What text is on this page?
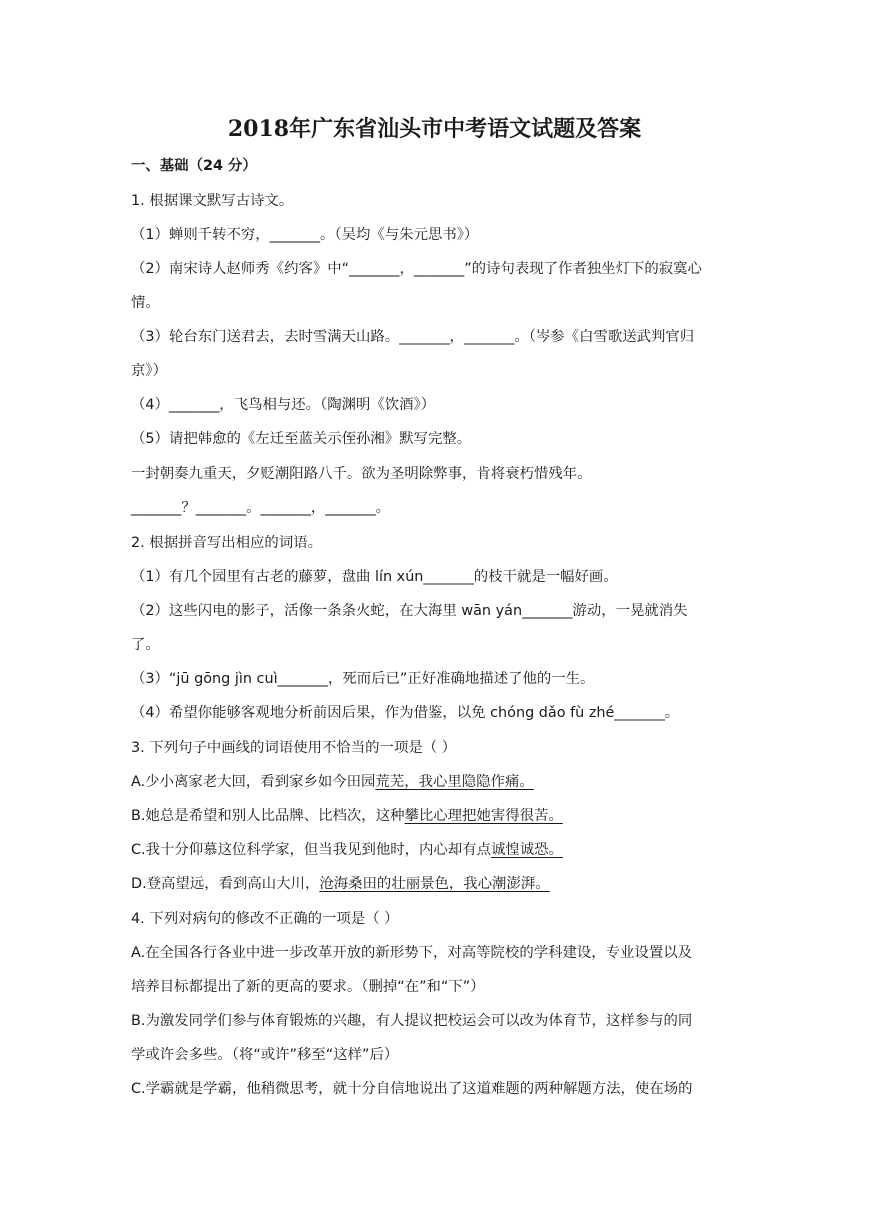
2018年广东省汕头市中考语文试题及答案

一、基础（24 分）

1. 根据课文默写古诗文。

（1）蝉则千转不穷，_______。（吴均《与朱元思书》）

（2）南宋诗人赵师秀《约客》中“_______，_______”的诗句表现了作者独坐灯下的寂寞心

情。

（3）轮台东门送君去，去时雪满天山路。_______，_______。（岑参《白雪歌送武判官归

京》）

（4）_______，飞鸟相与还。（陶渊明《饮酒》）

（5）请把韩愈的《左迁至蓝关示侄孙湘》默写完整。

一封朝奏九重天，夕贬潮阳路八千。欲为圣明除弊事，肯将衰朽惜残年。

_______？_______。_______，_______。

2. 根据拼音写出相应的词语。

（1）有几个园里有古老的藤萝，盘曲 lín xún_______的枝干就是一幅好画。

（2）这些闪电的影子，活像一条条火蛇，在大海里 wān yán_______游动，一晃就消失

了。

（3）“jū gōng jìn cuì_______，死而后已”正好准确地描述了他的一生。

（4）希望你能够客观地分析前因后果，作为借鉴，以免 chóng dǎo fù zhé_______。

3. 下列句子中画线的词语使用不恰当的一项是（ ）

A.少小离家老大回，看到家乡如今田园荒芜，我心里隐隐作痛。

B.她总是希望和别人比品牌、比档次，这种攀比心理把她害得很苦。

C.我十分仰慕这位科学家，但当我见到他时，内心却有点诚惶诚恐。

D.登高望远，看到高山大川，沧海桑田的壮丽景色，我心潮澎湃。

4. 下列对病句的修改不正确的一项是（ ）

A.在全国各行各业中进一步改革开放的新形势下，对高等院校的学科建设，专业设置以及

培养目标都提出了新的更高的要求。（删掉“在”和“下”）

B.为激发同学们参与体育锻炼的兴趣，有人提议把校运会可以改为体育节，这样参与的同

学或许会多些。（将“或许”移至“这样”后）

C.学霸就是学霸，他稍微思考，就十分自信地说出了这道难题的两种解题方法，使在场的
